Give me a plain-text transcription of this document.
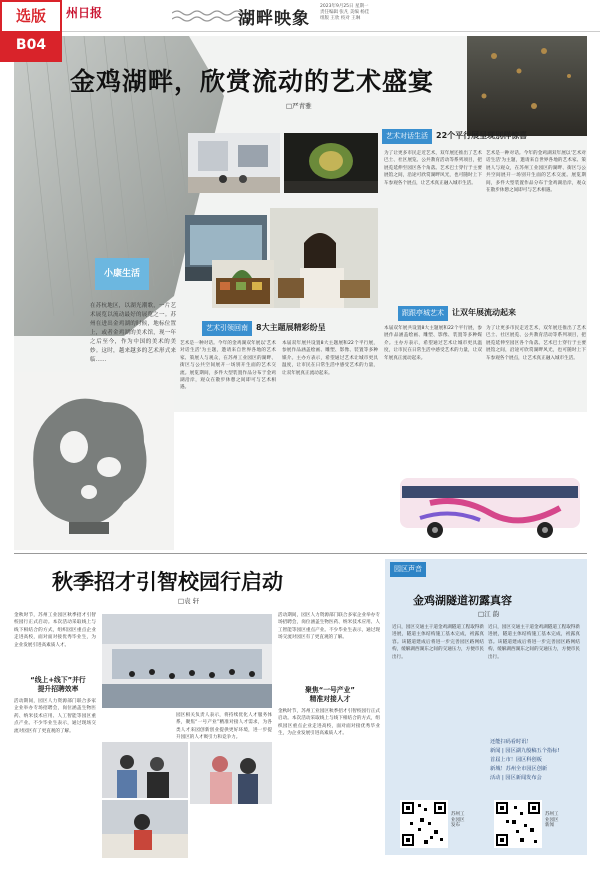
选版
B04
州日报	湖畔映象
2023年9月25日 星期一
责任编辑 张凡 美编 杨佳
组版 王欣 校对 王琳
金鸡湖畔，欣赏流动的艺术盛宴
□严青雅
艺术对话生活 22个平行展呈现别样惊喜
小康生活
在苏杭地区，以湖光潮歌，一片艺术展览以流动最好的展览之一。苏州在进出金鸡湖的时候，地标位置上，或者金鸡湖的美术馆，现一年之后至今，作为中国的美术的美妙。这时，越来越多的艺术形式来临……
艺术引领回南 8大主题展精彩纷呈
艺术是一种对话。今年的金鸡湖双年展以'艺术对话生活'为主题，邀请来自世界各地的艺术家、策展人与观众，在苏州工业园区的湖畔、街区与公共空间展开一场别开生面的艺术交流。展览期间，多件大型装置作品分布于金鸡湖沿岸，观众在散步休憩之间即可与艺术相遇。
本届双年展共设置8大主题展和22个平行展，参展作品涵盖绘画、雕塑、影像、装置等多种媒介。主办方表示，希望通过艺术让城市更具温度，让市民在日常生活中感受艺术的力量，让双年展真正流动起来。
为了让更多市民走近艺术，双年展还推出了艺术巴士、社区展览、公共教育活动等系列项目，把展览延伸至园区各个角落。艺术巴士穿行于主要展馆之间，沿途可欣赏湖畔风光，也可随时上下车参观各个展点，让艺术真正融入城市生活。
艺术是一种对话。今年的金鸡湖双年展以'艺术对话生活'为主题，邀请来自世界各地的艺术家、策展人与观众，在苏州工业园区的湖畔、街区与公共空间展开一场别开生面的艺术交流。展览期间，多件大型装置作品分布于金鸡湖沿岸，观众在散步休憩之间即可与艺术相遇。
跟跟亭城艺术 让双年展流动起来
本届双年展共设置8大主题展和22个平行展，参展作品涵盖绘画、雕塑、影像、装置等多种媒介。主办方表示，希望通过艺术让城市更具温度，让市民在日常生活中感受艺术的力量，让双年展真正流动起来。
为了让更多市民走近艺术，双年展还推出了艺术巴士、社区展览、公共教育活动等系列项目，把展览延伸至园区各个角落。艺术巴士穿行于主要展馆之间，沿途可欣赏湖畔风光，也可随时上下车参观各个展点，让艺术真正融入城市生活。
秋季招才引智校园行启动
□袁 轩
金秋时节，苏州工业园区秋季招才引智校园行正式启动。本次活动采取线上与线下相结合的方式，组织园区重点企业走进高校，面对面对接优秀毕业生，为企业发展引进高素质人才。
“线上+线下”并行
提升招聘效率
活动期间，园区人力资源部门联合多家企业举办专场招聘会，岗位涵盖生物医药、纳米技术应用、人工智能等园区重点产业。不少毕业生表示，通过现场交流对园区有了更直观的了解。
园区相关负责人表示，将持续优化人才服务体系，聚焦“一号产业”精准对接人才需求，为各类人才来园创新创业提供更好环境，进一步提升园区的人才吸引力和竞争力。
活动期间，园区人力资源部门联合多家企业举办专场招聘会，岗位涵盖生物医药、纳米技术应用、人工智能等园区重点产业。不少毕业生表示，通过现场交流对园区有了更直观的了解。
聚焦“一号产业”
精准对接人才
金秋时节，苏州工业园区秋季招才引智校园行正式启动。本次活动采取线上与线下相结合的方式，组织园区重点企业走进高校，面对面对接优秀毕业生，为企业发展引进高素质人才。
园区声音
金鸡湖隧道初露真容
□江 韵
近日，园区交通主干道金鸡湖隧道工程取得新进展，隧道主体结构施工基本完成，初露真容。该隧道建成后将进一步完善园区路网结构，缓解湖西湖东之间的交通压力，方便市民出行。
近日，园区交通主干道金鸡湖隧道工程取得新进展，隧道主体结构施工基本完成，初露真容。该隧道建成后将进一步完善园区路网结构，缓解湖西湖东之间的交通压力，方便市民出行。
还能扫码看时讯！
新闻 | 园区湖九般稿五个指标!
首届上市！园区科创板
新城！苏州全市园区创新
活动 | 园区新闻发布会
苏州工业园区发布
苏州工业园区新闻
